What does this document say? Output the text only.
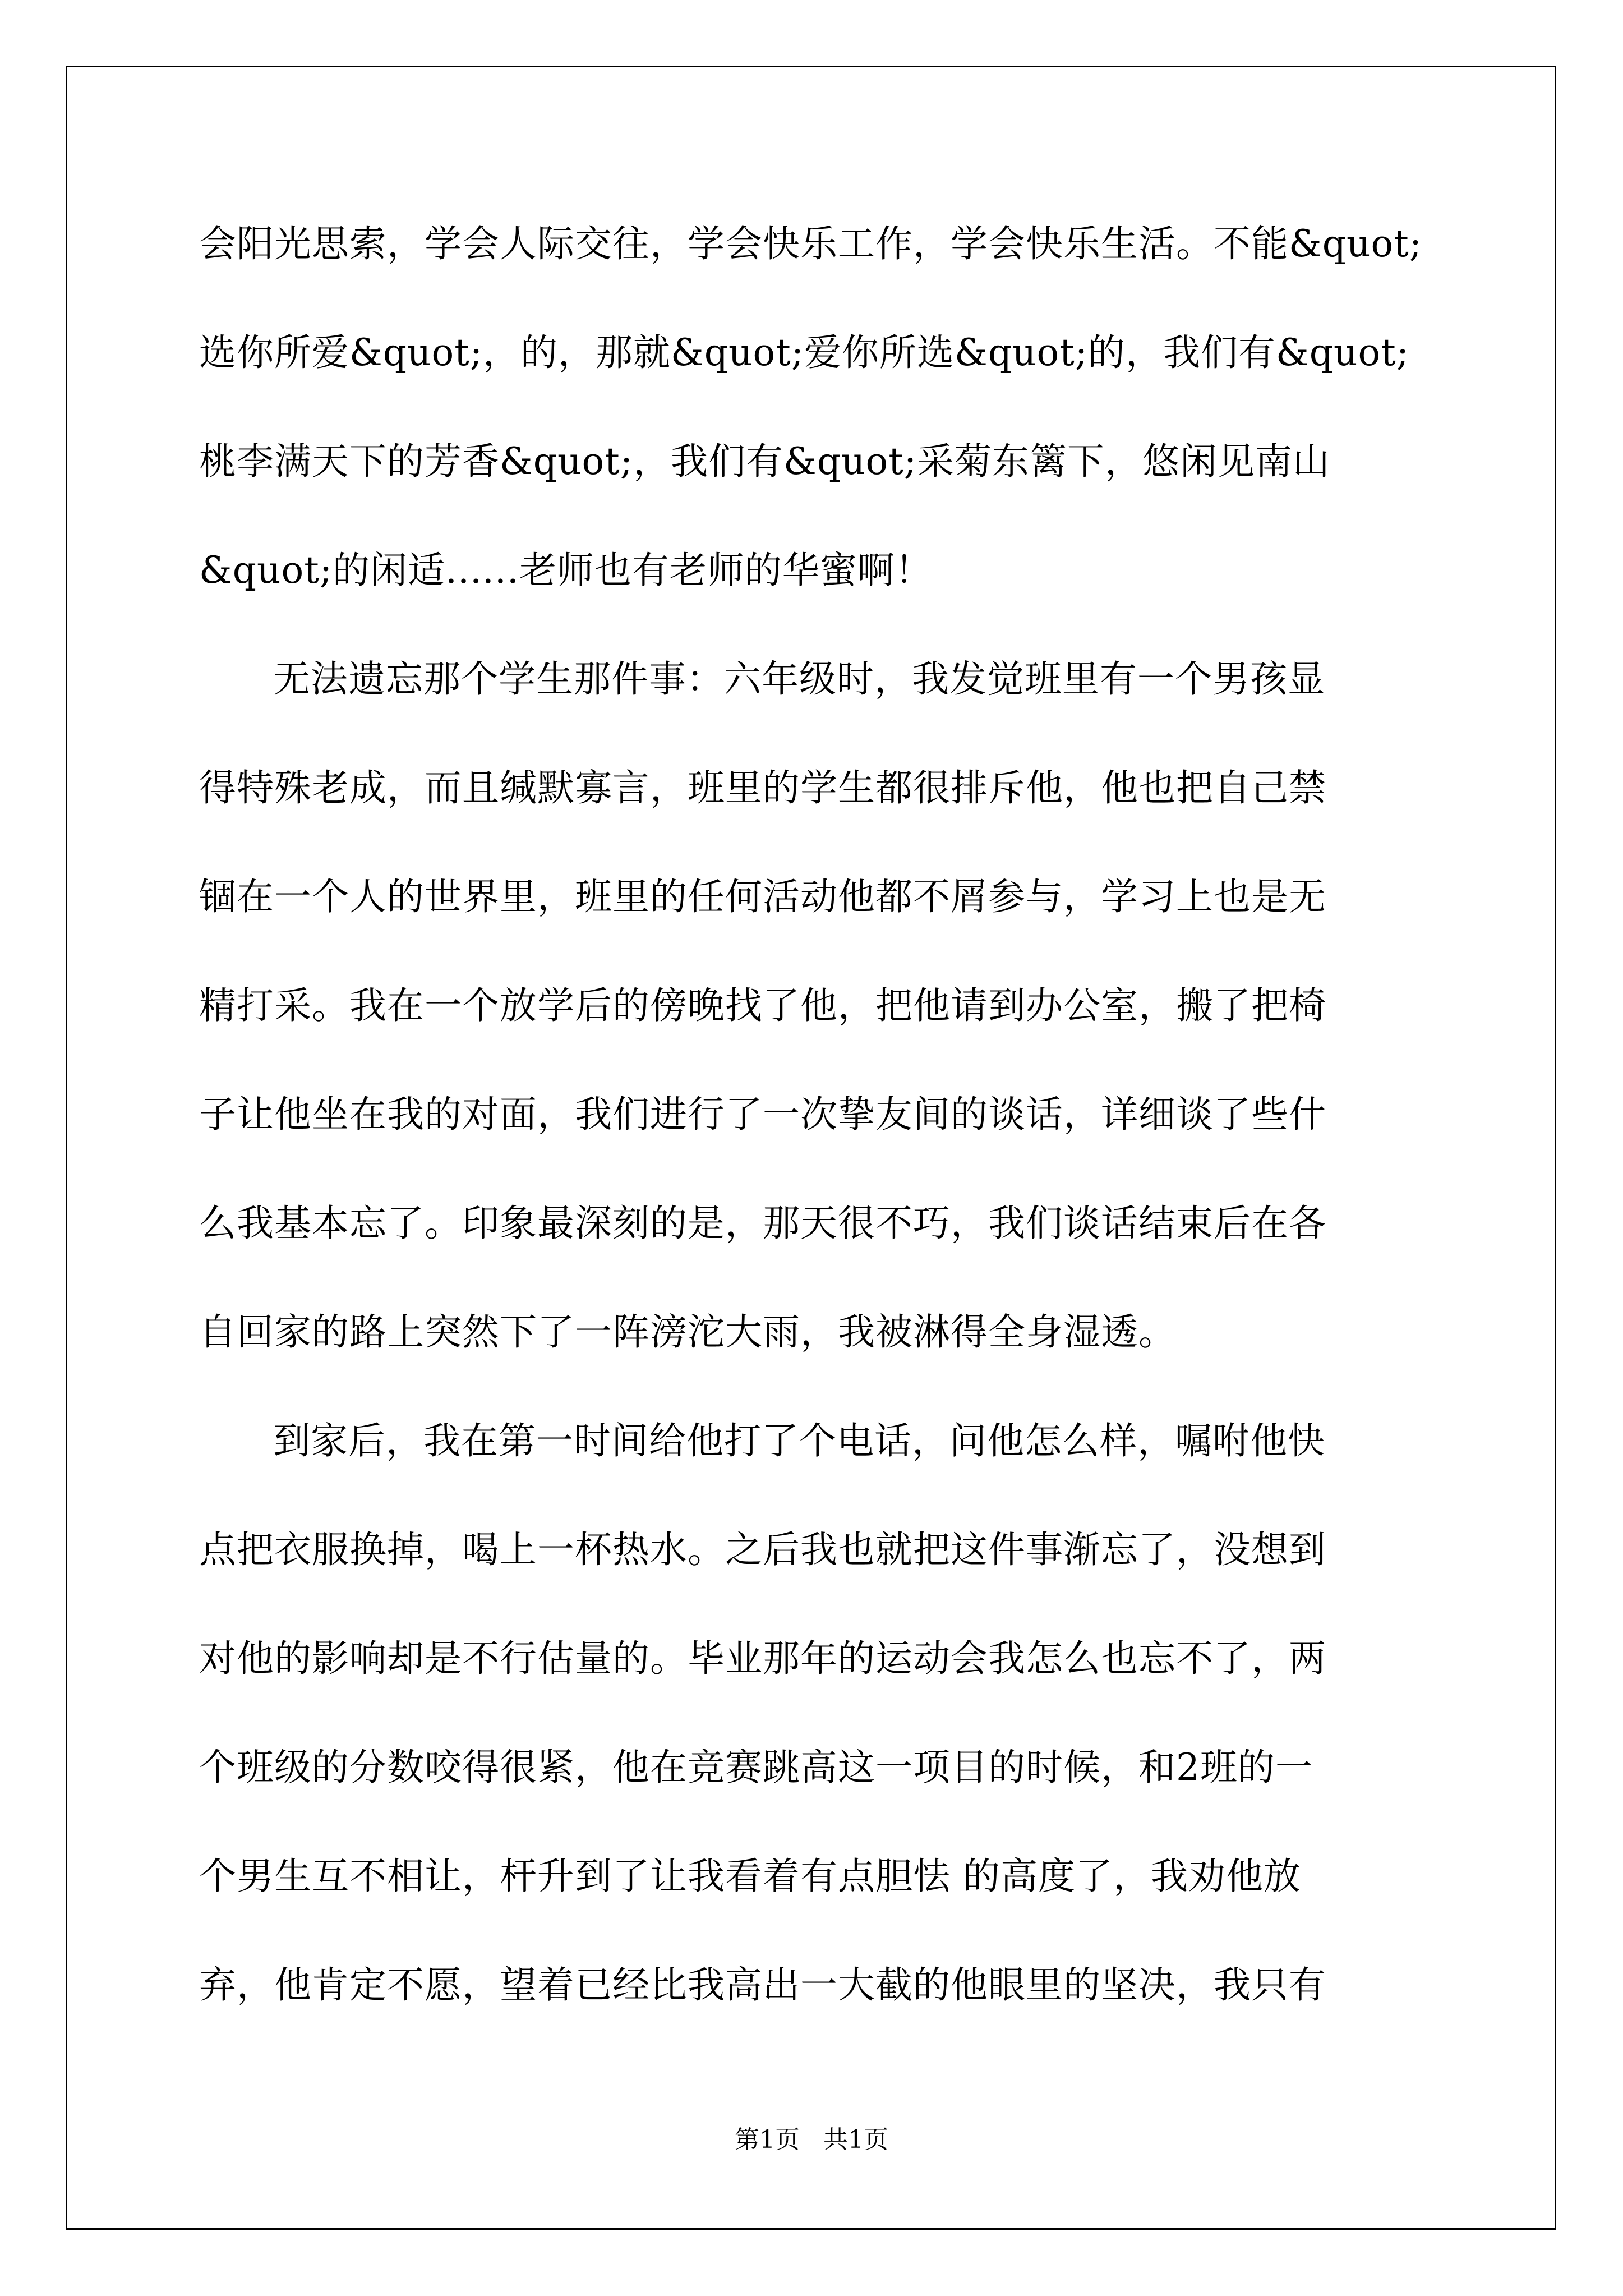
会阳光思索，学会人际交往，学会快乐工作，学会快乐生活。不能&quot;
选你所爱&quot;，的，那就&quot;爱你所选&quot;的，我们有&quot;
桃李满天下的芳香&quot;，我们有&quot;采菊东篱下，悠闲见南山
&quot;的闲适......老师也有老师的华蜜啊！
无法遗忘那个学生那件事：六年级时，我发觉班里有一个男孩显
得特殊老成，而且缄默寡言，班里的学生都很排斥他，他也把自己禁
锢在一个人的世界里，班里的任何活动他都不屑参与，学习上也是无
精打采。我在一个放学后的傍晚找了他，把他请到办公室，搬了把椅
子让他坐在我的对面，我们进行了一次挚友间的谈话，详细谈了些什
么我基本忘了。印象最深刻的是，那天很不巧，我们谈话结束后在各
自回家的路上突然下了一阵滂沱大雨，我被淋得全身湿透。
到家后，我在第一时间给他打了个电话，问他怎么样，嘱咐他快
点把衣服换掉，喝上一杯热水。之后我也就把这件事渐忘了，没想到
对他的影响却是不行估量的。毕业那年的运动会我怎么也忘不了，两
个班级的分数咬得很紧，他在竞赛跳高这一项目的时候，和2班的一
个男生互不相让，杆升到了让我看着有点胆怯 的高度了，我劝他放
弃，他肯定不愿，望着已经比我高出一大截的他眼里的坚决，我只有
第1页   共1页
